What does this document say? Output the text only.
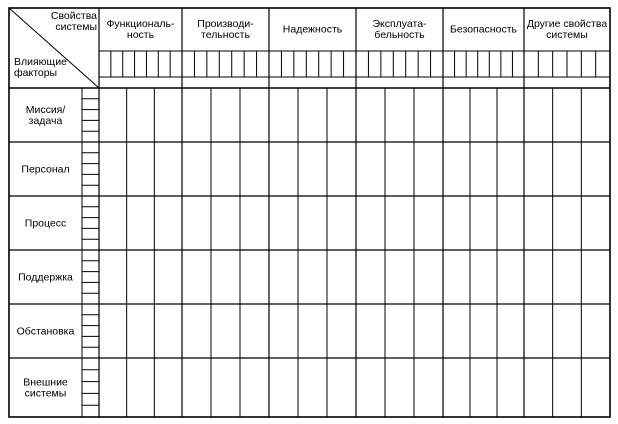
Свойства
системы
Влияющие
факторы
Функциональ-
ность
Производи-
тельность	Надежность	Эксплуата-
бельность Безопасность Другие свойства
системы
Миссия/
задача
Персонал
Процесс
Поддержка
Обстановка
Внешние
системы
